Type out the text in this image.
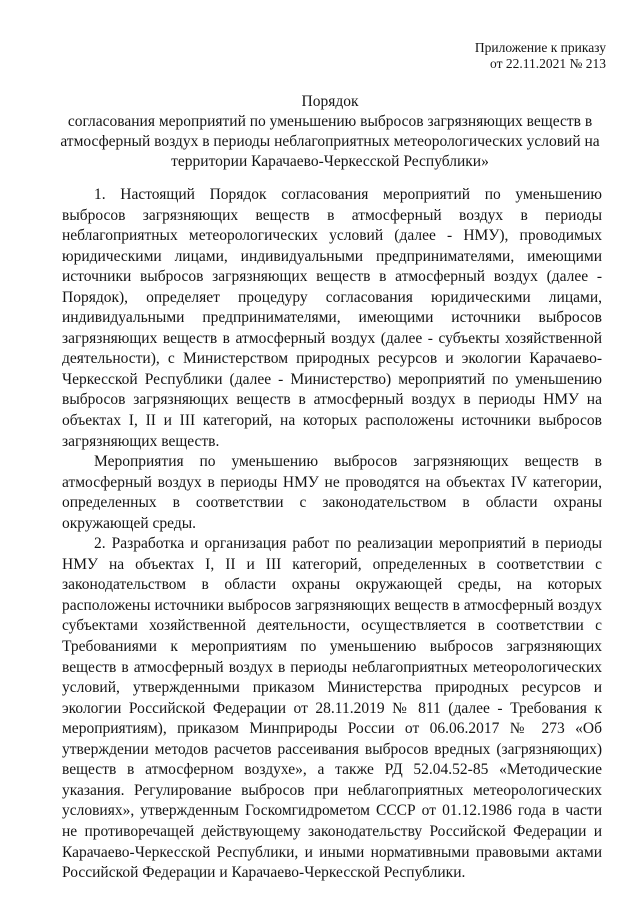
Приложение к приказу
от 22.11.2021 № 213
Порядок
согласования мероприятий по уменьшению выбросов загрязняющих веществ в
атмосферный воздух в периоды неблагоприятных метеорологических условий на
территории Карачаево-Черкесской Республики»

1. Настоящий Порядок согласования мероприятий по уменьшению выбросов загрязняющих веществ в атмосферный воздух в периоды неблагоприятных метеорологических условий (далее - НМУ), проводимых юридическими лицами, индивидуальными предпринимателями, имеющими источники выбросов загрязняющих веществ в атмосферный воздух (далее - Порядок), определяет процедуру согласования юридическими лицами, индивидуальными предпринимателями, имеющими источники выбросов загрязняющих веществ в атмосферный воздух (далее - субъекты хозяйственной деятельности), с Министерством природных ресурсов и экологии Карачаево-Черкесской Республики (далее - Министерство) мероприятий по уменьшению выбросов загрязняющих веществ в атмосферный воздух в периоды НМУ на объектах I, II и III категорий, на которых расположены источники выбросов загрязняющих веществ.

Мероприятия по уменьшению выбросов загрязняющих веществ в атмосферный воздух в периоды НМУ не проводятся на объектах IV категории, определенных в соответствии с законодательством в области охраны окружающей среды.

2. Разработка и организация работ по реализации мероприятий в периоды НМУ на объектах I, II и III категорий, определенных в соответствии с законодательством в области охраны окружающей среды, на которых расположены источники выбросов загрязняющих веществ в атмосферный воздух субъектами хозяйственной деятельности, осуществляется в соответствии с Требованиями к мероприятиям по уменьшению выбросов загрязняющих веществ в атмосферный воздух в периоды неблагоприятных метеорологических условий, утвержденными приказом Министерства природных ресурсов и экологии Российской Федерации от 28.11.2019 № 811 (далее - Требования к мероприятиям), приказом Минприроды России от 06.06.2017 № 273 «Об утверждении методов расчетов рассеивания выбросов вредных (загрязняющих) веществ в атмосферном воздухе», а также РД 52.04.52-85 «Методические указания. Регулирование выбросов при неблагоприятных метеорологических условиях», утвержденным Госкомгидрометом СССР от 01.12.1986 года в части не противоречащей действующему законодательству Российской Федерации и Карачаево-Черкесской Республики, и иными нормативными правовыми актами Российской Федерации и Карачаево-Черкесской Республики.
